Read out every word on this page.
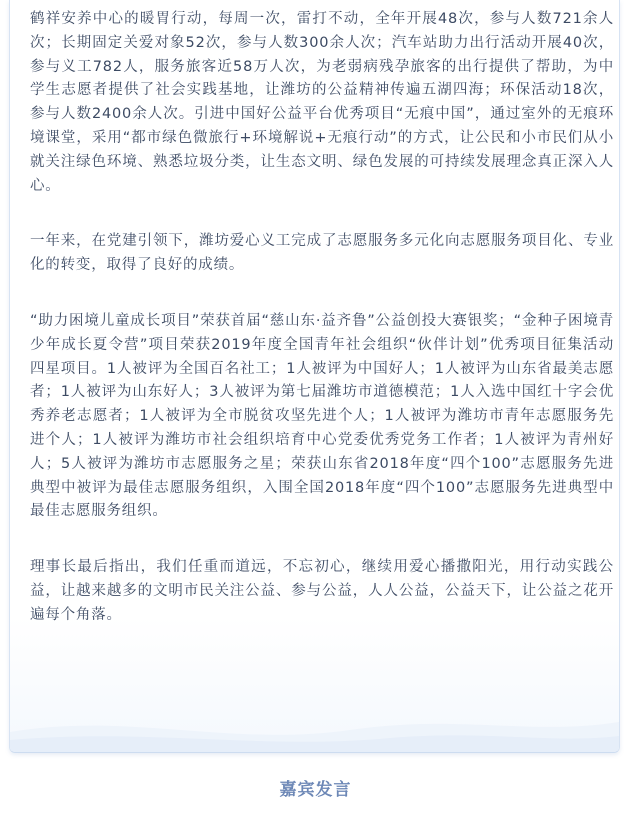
鹤祥安养中心的暖胃行动，每周一次，雷打不动，全年开展48次，参与人数721余人次；长期固定关爱对象52次，参与人数300余人次；汽车站助力出行活动开展40次，参与义工782人，服务旅客近58万人次，为老弱病残孕旅客的出行提供了帮助，为中学生志愿者提供了社会实践基地，让潍坊的公益精神传遍五湖四海；环保活动18次，参与人数2400余人次。引进中国好公益平台优秀项目“无痕中国”，通过室外的无痕环境课堂，采用“都市绿色微旅行+环境解说+无痕行动”的方式，让公民和小市民们从小就关注绿色环境、熟悉垃圾分类，让生态文明、绿色发展的可持续发展理念真正深入人心。

一年来，在党建引领下，潍坊爱心义工完成了志愿服务多元化向志愿服务项目化、专业化的转变，取得了良好的成绩。

“助力困境儿童成长项目”荣获首届“慈山东·益齐鲁”公益创投大赛银奖；“金种子困境青少年成长夏令营”项目荣获2019年度全国青年社会组织“伙伴计划”优秀项目征集活动四星项目。1人被评为全国百名社工；1人被评为中国好人；1人被评为山东省最美志愿者；1人被评为山东好人；3人被评为第七届潍坊市道德模范；1人入选中国红十字会优秀养老志愿者；1人被评为全市脱贫攻坚先进个人；1人被评为潍坊市青年志愿服务先进个人；1人被评为潍坊市社会组织培育中心党委优秀党务工作者；1人被评为青州好人；5人被评为潍坊市志愿服务之星；荣获山东省2018年度“四个100”志愿服务先进典型中被评为最佳志愿服务组织，入围全国2018年度“四个100”志愿服务先进典型中最佳志愿服务组织。

理事长最后指出，我们任重而道远，不忘初心，继续用爱心播撒阳光，用行动实践公益，让越来越多的文明市民关注公益、参与公益，人人公益，公益天下，让公益之花开遍每个角落。

嘉宾发言
